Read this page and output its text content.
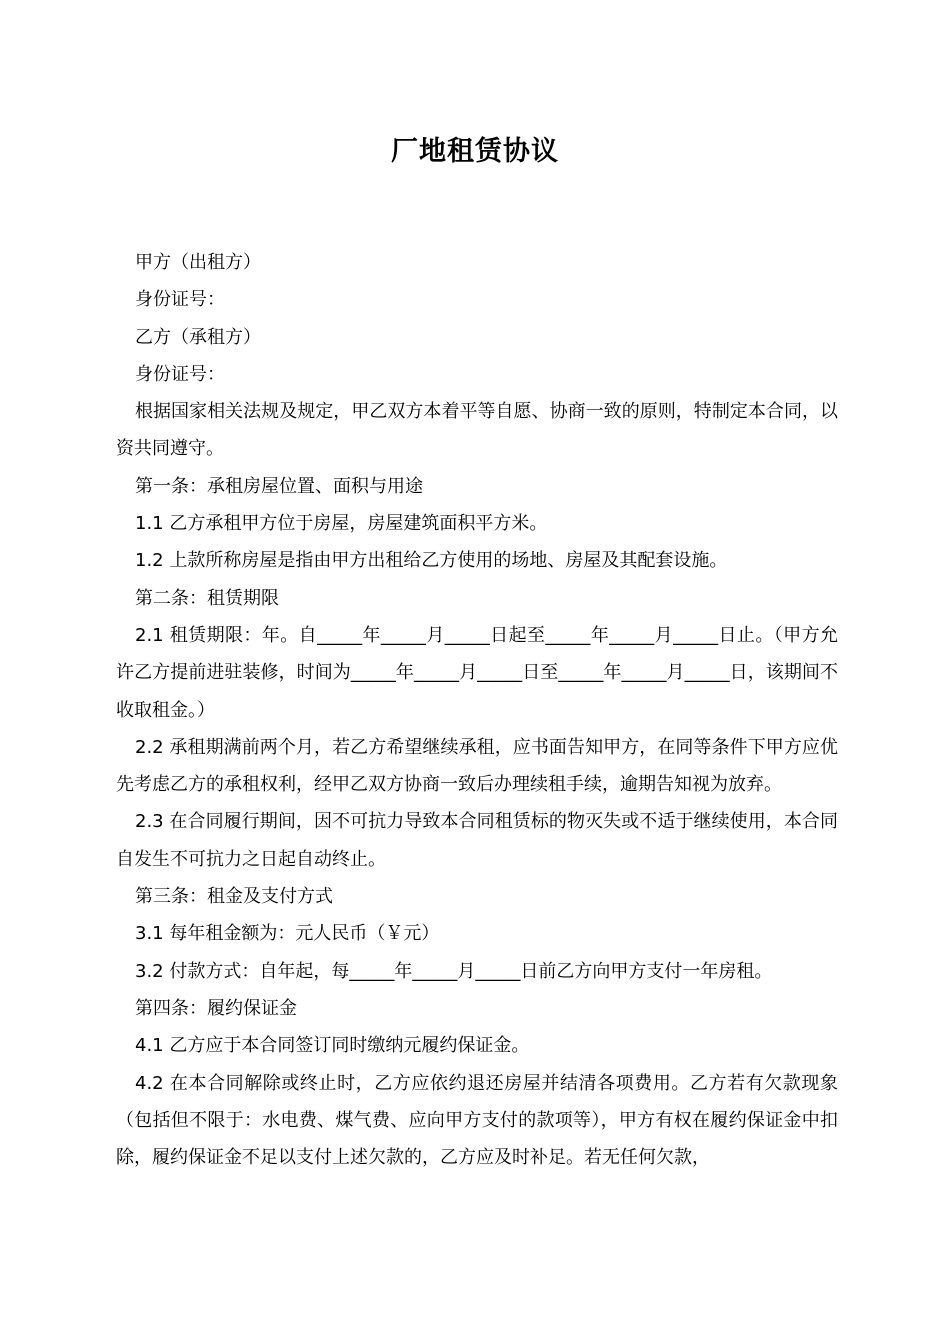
厂地租赁协议

甲方（出租方）

身份证号：

乙方（承租方）

身份证号：

根据国家相关法规及规定，甲乙双方本着平等自愿、协商一致的原则，特制定本合同，以资共同遵守。

第一条：承租房屋位置、面积与用途

1.1 乙方承租甲方位于房屋，房屋建筑面积平方米。

1.2 上款所称房屋是指由甲方出租给乙方使用的场地、房屋及其配套设施。

第二条：租赁期限

2.1 租赁期限：年。自_____年_____月_____日起至_____年_____月_____日止。（甲方允许乙方提前进驻装修，时间为_____年_____月_____日至_____年_____月_____日，该期间不收取租金。）

2.2 承租期满前两个月，若乙方希望继续承租，应书面告知甲方，在同等条件下甲方应优先考虑乙方的承租权利，经甲乙双方协商一致后办理续租手续，逾期告知视为放弃。

2.3 在合同履行期间，因不可抗力导致本合同租赁标的物灭失或不适于继续使用，本合同自发生不可抗力之日起自动终止。

第三条：租金及支付方式

3.1 每年租金额为：元人民币（￥元）

3.2 付款方式：自年起，每_____年_____月_____日前乙方向甲方支付一年房租。

第四条：履约保证金

4.1 乙方应于本合同签订同时缴纳元履约保证金。

4.2 在本合同解除或终止时，乙方应依约退还房屋并结清各项费用。乙方若有欠款现象（包括但不限于：水电费、煤气费、应向甲方支付的款项等），甲方有权在履约保证金中扣除，履约保证金不足以支付上述欠款的，乙方应及时补足。若无任何欠款，
